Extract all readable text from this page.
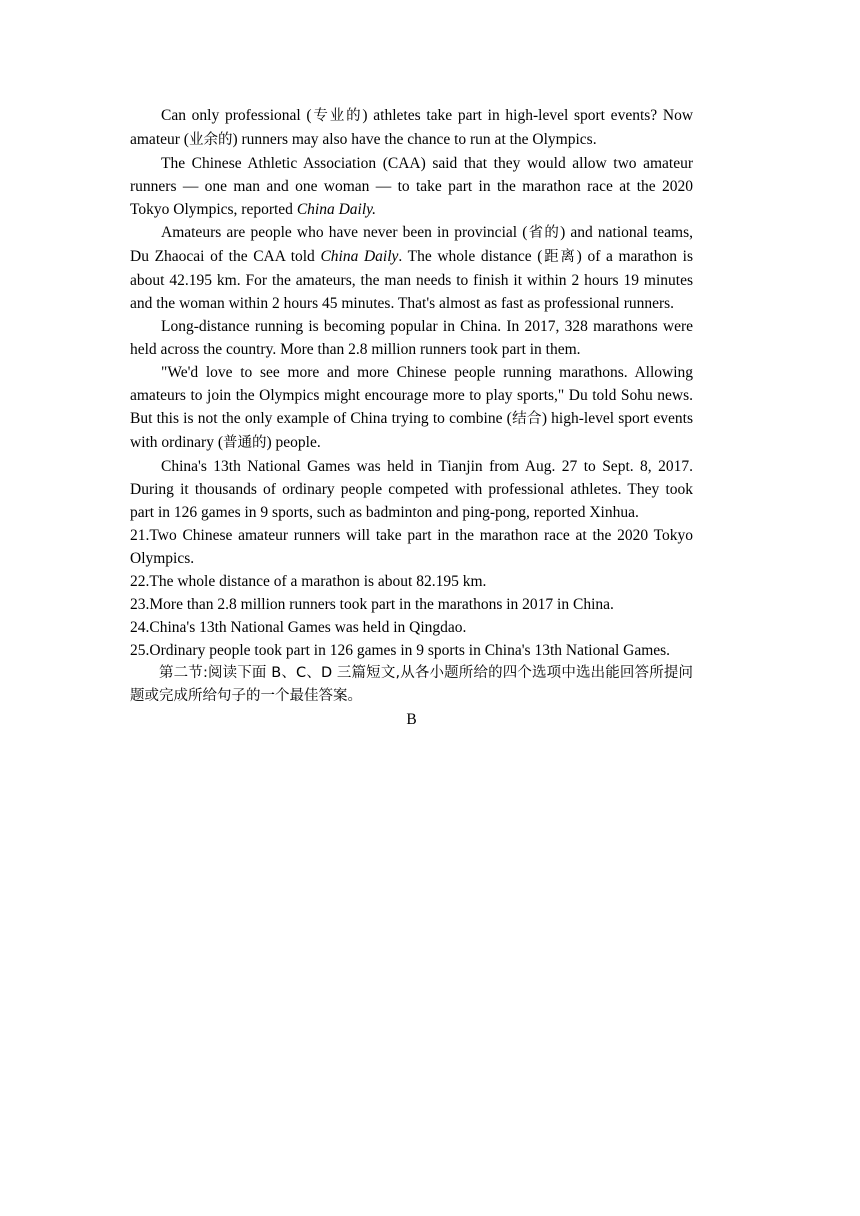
Can only professional (专业的) athletes take part in high-level sport events? Now amateur (业余的) runners may also have the chance to run at the Olympics.

The Chinese Athletic Association (CAA) said that they would allow two amateur runners — one man and one woman — to take part in the marathon race at the 2020 Tokyo Olympics, reported China Daily.

Amateurs are people who have never been in provincial (省的) and national teams, Du Zhaocai of the CAA told China Daily. The whole distance (距离) of a marathon is about 42.195 km. For the amateurs, the man needs to finish it within 2 hours 19 minutes and the woman within 2 hours 45 minutes. That's almost as fast as professional runners.

Long-distance running is becoming popular in China. In 2017, 328 marathons were held across the country. More than 2.8 million runners took part in them.

"We'd love to see more and more Chinese people running marathons. Allowing amateurs to join the Olympics might encourage more to play sports," Du told Sohu news. But this is not the only example of China trying to combine (结合) high-level sport events with ordinary (普通的) people.

China's 13th National Games was held in Tianjin from Aug. 27 to Sept. 8, 2017. During it thousands of ordinary people competed with professional athletes. They took part in 126 games in 9 sports, such as badminton and ping-pong, reported Xinhua.

21.Two Chinese amateur runners will take part in the marathon race at the 2020 Tokyo Olympics.

22.The whole distance of a marathon is about 82.195 km.

23.More than 2.8 million runners took part in the marathons in 2017 in China.

24.China's 13th National Games was held in Qingdao.

25.Ordinary people took part in 126 games in 9 sports in China's 13th National Games.

第二节:阅读下面 B、C、D 三篇短文,从各小题所给的四个选项中选出能回答所提问题或完成所给句子的一个最佳答案。

B
